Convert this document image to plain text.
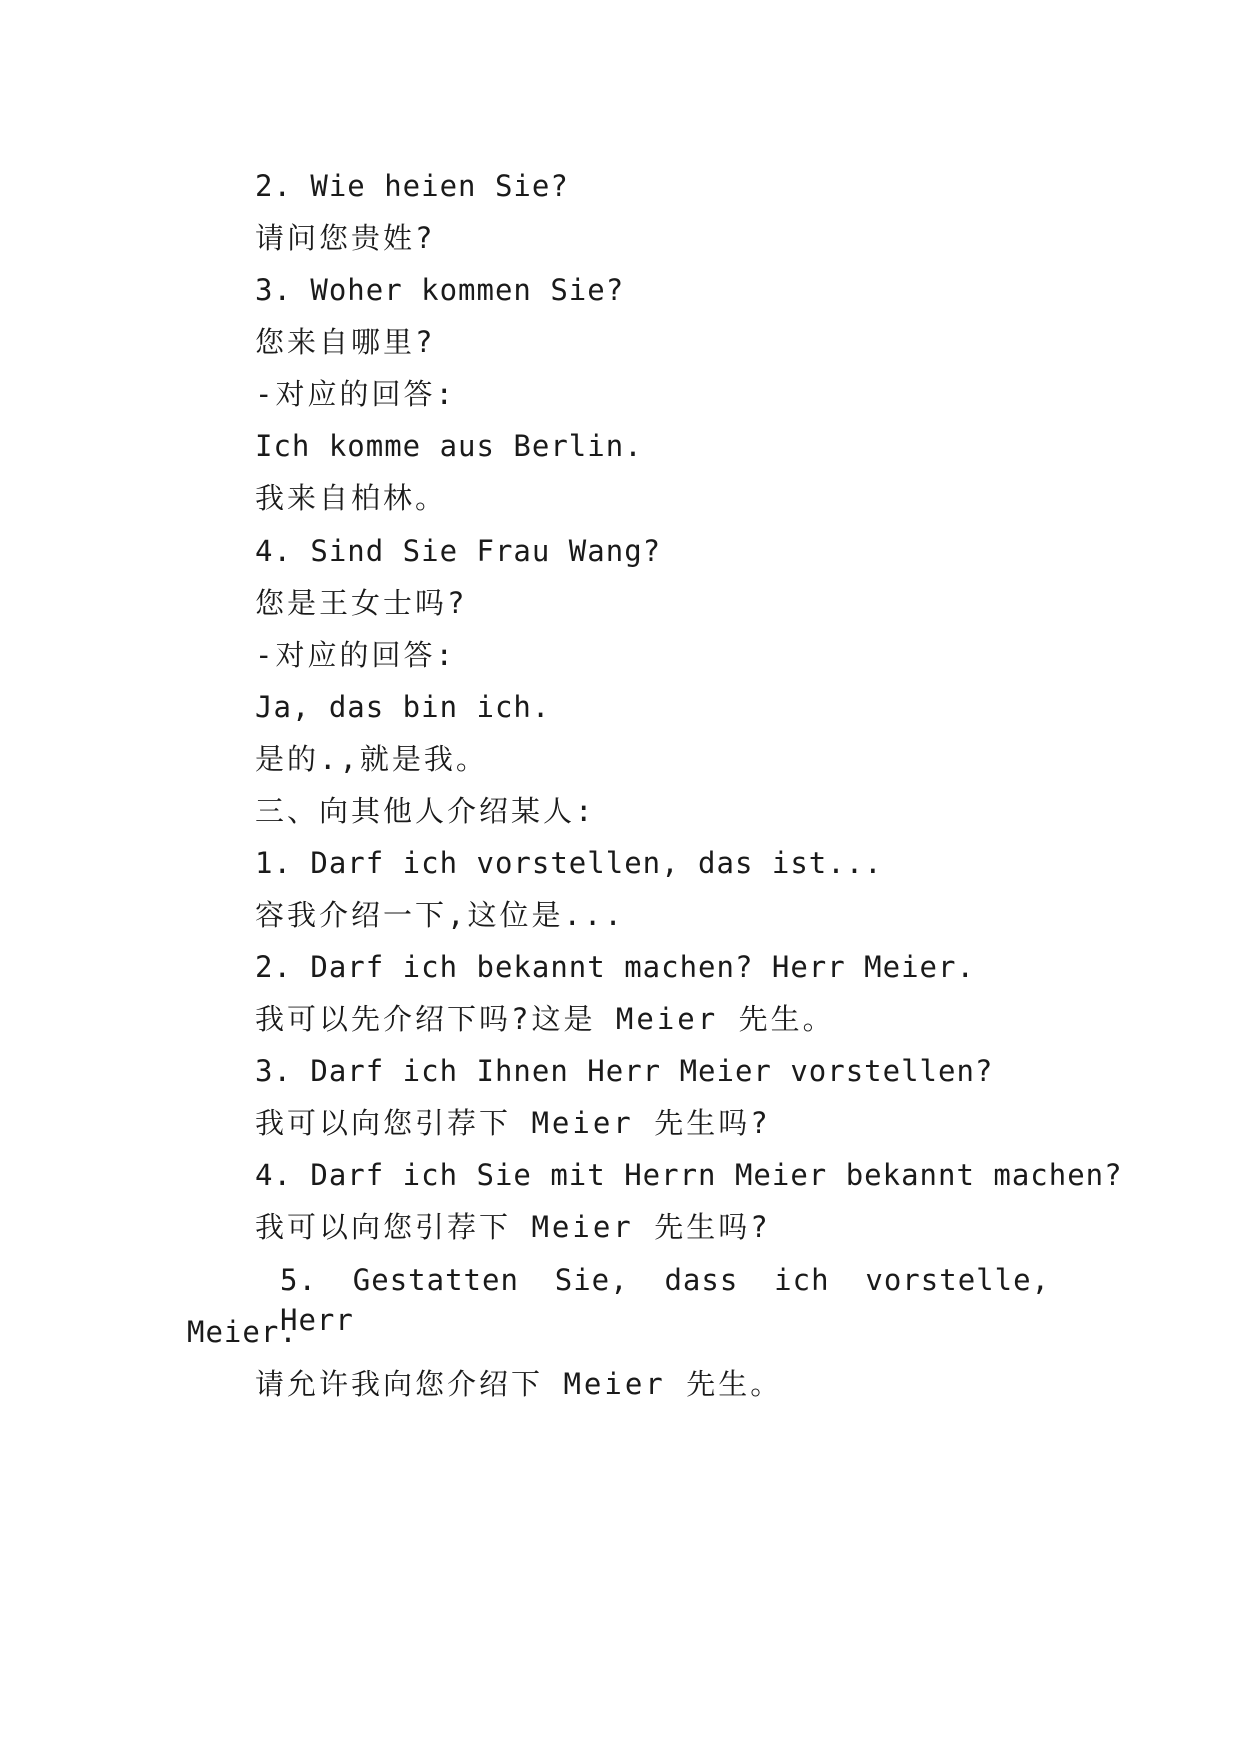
2. Wie heien Sie?
请问您贵姓?
3. Woher kommen Sie?
您来自哪里?
-对应的回答:
Ich komme aus Berlin.
我来自柏林。
4. Sind Sie Frau Wang?
您是王女士吗?
-对应的回答:
Ja, das bin ich.
是的.,就是我。
三、向其他人介绍某人:
1. Darf ich vorstellen, das ist...
容我介绍一下,这位是...
2. Darf ich bekannt machen? Herr Meier.
我可以先介绍下吗?这是 Meier 先生。
3. Darf ich Ihnen Herr Meier vorstellen?
我可以向您引荐下 Meier 先生吗?
4. Darf ich Sie mit Herrn Meier bekannt machen?
我可以向您引荐下 Meier 先生吗?
5. Gestatten Sie, dass ich vorstelle, Herr
Meier.
请允许我向您介绍下 Meier 先生。
